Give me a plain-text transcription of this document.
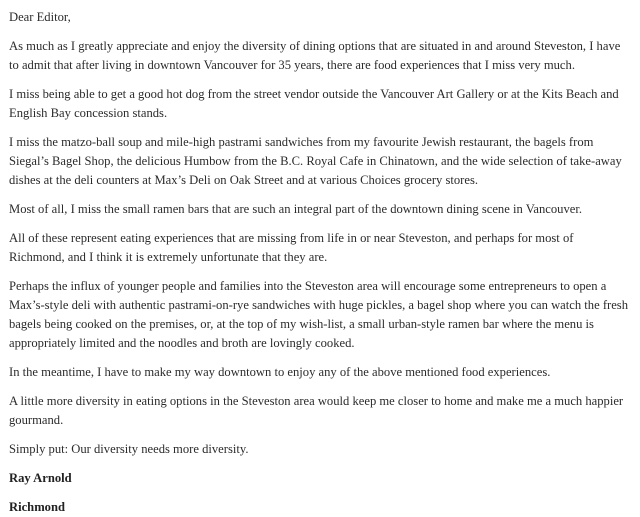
Dear Editor,

As much as I greatly appreciate and enjoy the diversity of dining options that are situated in and around Steveston, I have to admit that after living in downtown Vancouver for 35 years, there are food experiences that I miss very much.

I miss being able to get a good hot dog from the street vendor outside the Vancouver Art Gallery or at the Kits Beach and English Bay concession stands.

I miss the matzo-ball soup and mile-high pastrami sandwiches from my favourite Jewish restaurant, the bagels from Siegal’s Bagel Shop, the delicious Humbow from the B.C. Royal Cafe in Chinatown, and the wide selection of take-away dishes at the deli counters at Max’s Deli on Oak Street and at various Choices grocery stores.

Most of all, I miss the small ramen bars that are such an integral part of the downtown dining scene in Vancouver.

All of these represent eating experiences that are missing from life in or near Steveston, and perhaps for most of Richmond, and I think it is extremely unfortunate that they are.

Perhaps the influx of younger people and families into the Steveston area will encourage some entrepreneurs to open a Max’s-style deli with authentic pastrami-on-rye sandwiches with huge pickles, a bagel shop where you can watch the fresh bagels being cooked on the premises, or, at the top of my wish-list, a small urban-style ramen bar where the menu is appropriately limited and the noodles and broth are lovingly cooked.

In the meantime, I have to make my way downtown to enjoy any of the above mentioned food experiences.

A little more diversity in eating options in the Steveston area would keep me closer to home and make me a much happier gourmand.

Simply put: Our diversity needs more diversity.

Ray Arnold

Richmond
